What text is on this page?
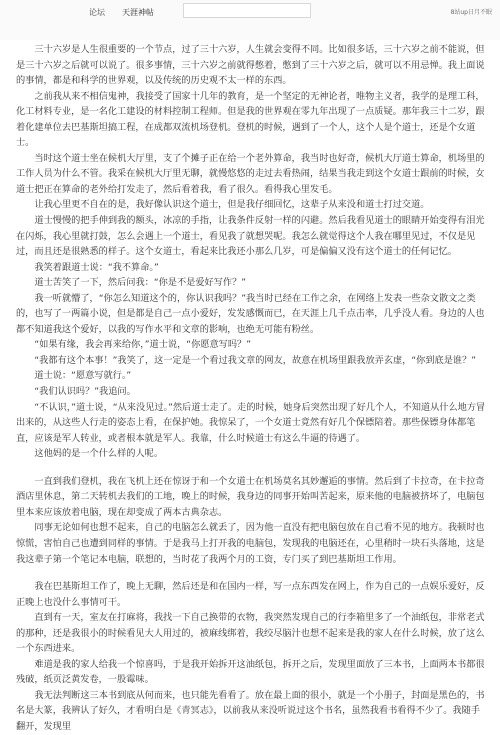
论坛 天涯神帖	8站up日月不眠

三十六岁是人生很重要的一个节点，过了三十六岁，人生就会变得不同。比如很多话，三十六岁之前不能说，但是三十六岁之后就可以说了。很多事情，三十六岁之前就得憋着，憋到了三十六岁之后，就可以不用忌惮。我上面说的事情，都是和科学的世界观，以及传统的历史观不太一样的东西。

之前我从来不相信鬼神，我接受了国家十几年的教育，是一个坚定的无神论者，唯物主义者，我学的是理工科，化工材料专业，是一名化工建设的材料控制工程师。但是我的世界观在零九年出现了一点质疑。那年我三十二岁，跟着化建单位去巴基斯坦搞工程，在成都双流机场登机。登机的时候，遇到了一个人，这个人是个道士，还是个女道士。

当时这个道士坐在候机大厅里，支了个摊子正在给一个老外算命，我当时也好奇，候机大厅道士算命，机场里的工作人员为什么不管。我采在候机大厅里无聊，就慢悠悠的走过去看热闹，结果当我走到这个女道士跟前的时候，女道士把正在算命的老外给打发走了，然后看着我，看了很久。看得我心里发毛。

让我心里更不自在的是，我好像认识这个道士，但是我仔细回忆，这辈子从来没和道士打过交道。

道士慢慢的把手伸到我的额头，冰凉的手指，让我条件反射一样的闪避。然后我看见道士的眼睛开始变得有泪光在闪烁，我心里就打鼓，怎么会遇上一个道士，看见我了就想哭呢。我怎么就觉得这个人我在哪里见过，不仅是见过，而且还是很熟悉的样子。这个女道士，看起来比我还小那么几岁，可是偏偏又没有这个道士的任何记忆。

我笑着跟道士说：“我不算命。”

道士苦笑了一下，然后问我：“你是不是爱好写作？”

我一听就懵了，“你怎么知道这个的，你认识我吗？”我当时已经在工作之余，在网络上发表一些杂文散文之类的，也写了一两篇小说，但是都是自己一点小爱好，发发感慨而已，在天涯上几千点击率，几乎没人看。身边的人也都不知道我这个爱好，以我的写作水平和文章的影响，也绝无可能有粉丝。

“如果有缘，我会再来给你，”道士说，“你愿意写吗？”

“我都有这个本事！”我笑了，这一定是一个看过我文章的网友，故意在机场里跟我放弄玄虚，“你到底是谁？”

道士说：“愿意写就行。”

“我们认识吗？”我追问。

“不认识，”道士说，“从来没见过。”然后道士走了。走的时候，她身后突然出现了好几个人，不知道从什么地方冒出来的，从这些人行走的姿态上看，在保护她。我惊呆了，一个女道士竟然有好几个保镖陪着。那些保镖身体都笔直，应该是军人转业，或者根本就是军人。我靠，什么时候道士有这么牛逼的待遇了。

这他妈的是一个什么样的人呢。

一直到我们登机，我在飞机上还在惊讶于和一个女道士在机场莫名其妙邂逅的事情。然后到了卡拉奇，在卡拉奇酒店里休息，第二天转机去我们的工地，晚上的时候，我身边的同事开始叫苦起来，原来他的电脑被挤坏了，电脑包里本来应该放着电脑，现在却变成了两本古典杂志。

同事无论如何也想不起来，自己的电脑怎么就丢了，因为他一直没有把电脑包放在自己看不见的地方。我顿时也惊慌，害怕自己也遭到同样的事情。于是我马上打开我的电脑包，发现我的电脑还在，心里稍时一块石头落地，这是我这辈子第一个笔记本电脑，联想的，当时花了我两个月的工资，专门买了到巴基斯坦工作用。

我在巴基斯坦工作了，晚上无聊，然后还是和在国内一样，写一点东西发在网上，作为自己的一点娱乐爱好，反正晚上也没什么事情可干。

直到有一天，室友在打麻将，我找一下自己换带的衣物，我突然发现自己的行李箱里多了一个油纸包，非常老式的那种，还是我很小的时候看见大人用过的，被麻线绑着，我绞尽脑汁也想不起来是我的家人在什么时候，放了这么一个东西进来。

难道是我的家人给我一个惊喜吗，于是我开始拆开这油纸包，拆开之后，发现里面放了三本书，上面两本书都很残破，纸页泛黄发卷，一股霉味。

我无法判断这三本书到底从何而来，也只能先看看了。放在最上面的很小，就是一个小册子，封面是黑色的，书名是大篆，我辨认了好久，才看明白是《青冥志》，以前我从来没听说过这个书名，虽然我看书看得不少了。我随手翻开，发现里
